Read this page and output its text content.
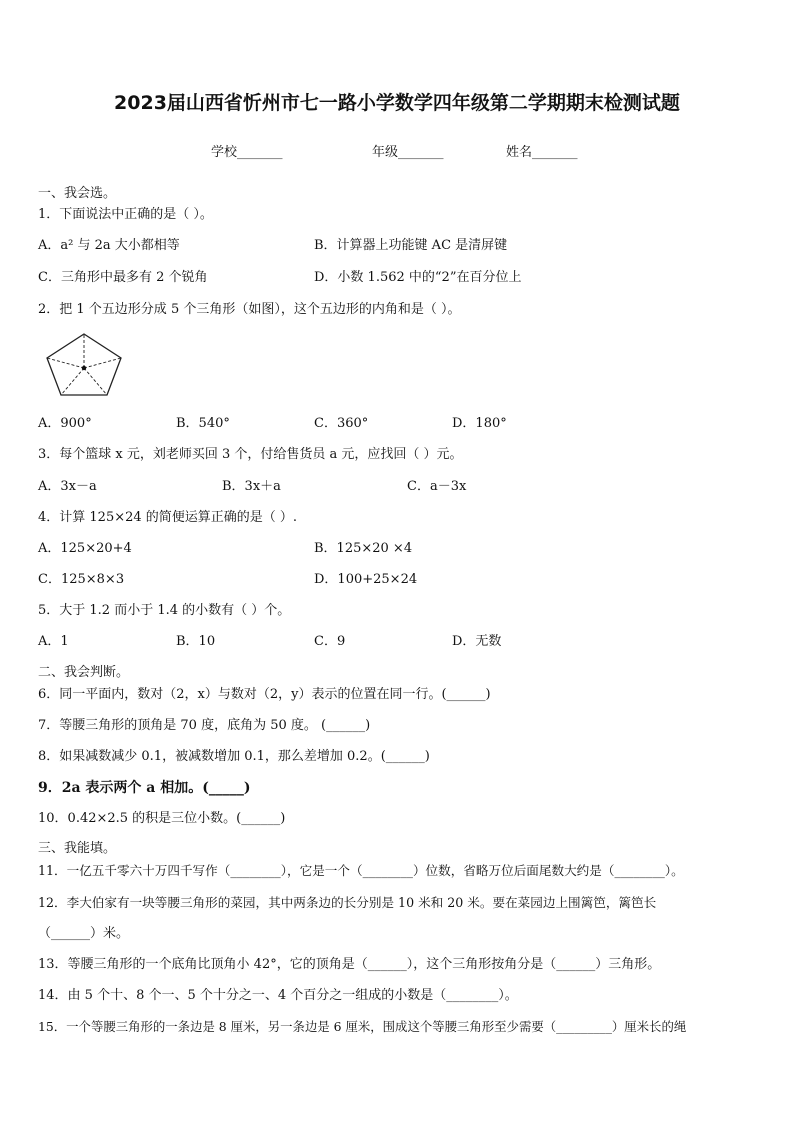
2023届山西省忻州市七一路小学数学四年级第二学期期末检测试题
学校_______	年级_______	姓名_______
一、我会选。
1．下面说法中正确的是（ ）。
A．a² 与 2a 大小都相等	B．计算器上功能键 AC 是清屏键
C．三角形中最多有 2 个锐角	D．小数 1.562 中的“2”在百分位上
2．把 1 个五边形分成 5 个三角形（如图），这个五边形的内角和是（ ）。
A．900°	B．540°	C．360°	D．180°
3．每个篮球 x 元，刘老师买回 3 个，付给售货员 a 元，应找回（ ）元。
A．3x－a	B．3x＋a	C．a－3x
4．计算 125×24 的简便运算正确的是（ ）.
A．125×20+4	B．125×20 ×4
C．125×8×3	D．100+25×24
5．大于 1.2 而小于 1.4 的小数有（ ）个。
A．1	B．10	C．9	D．无数
二、我会判断。
6．同一平面内，数对（2，x）与数对（2，y）表示的位置在同一行。(______)
7．等腰三角形的顶角是 70 度，底角为 50 度。 (______)
8．如果减数减少 0.1，被减数增加 0.1，那么差增加 0.2。(______)
9．2a 表示两个 a 相加。(_____)
10．0.42×2.5 的积是三位小数。(______)
三、我能填。
11．一亿五千零六十万四千写作（________），它是一个（________）位数，省略万位后面尾数大约是（________）。
12．李大伯家有一块等腰三角形的菜园，其中两条边的长分别是 10 米和 20 米。要在菜园边上围篱笆，篱笆长
（______）米。
13．等腰三角形的一个底角比顶角小 42°，它的顶角是（______），这个三角形按角分是（______）三角形。
14．由 5 个十、8 个一、5 个十分之一、4 个百分之一组成的小数是（________）。
15．一个等腰三角形的一条边是 8 厘米，另一条边是 6 厘米，围成这个等腰三角形至少需要（_________）厘米长的绳
